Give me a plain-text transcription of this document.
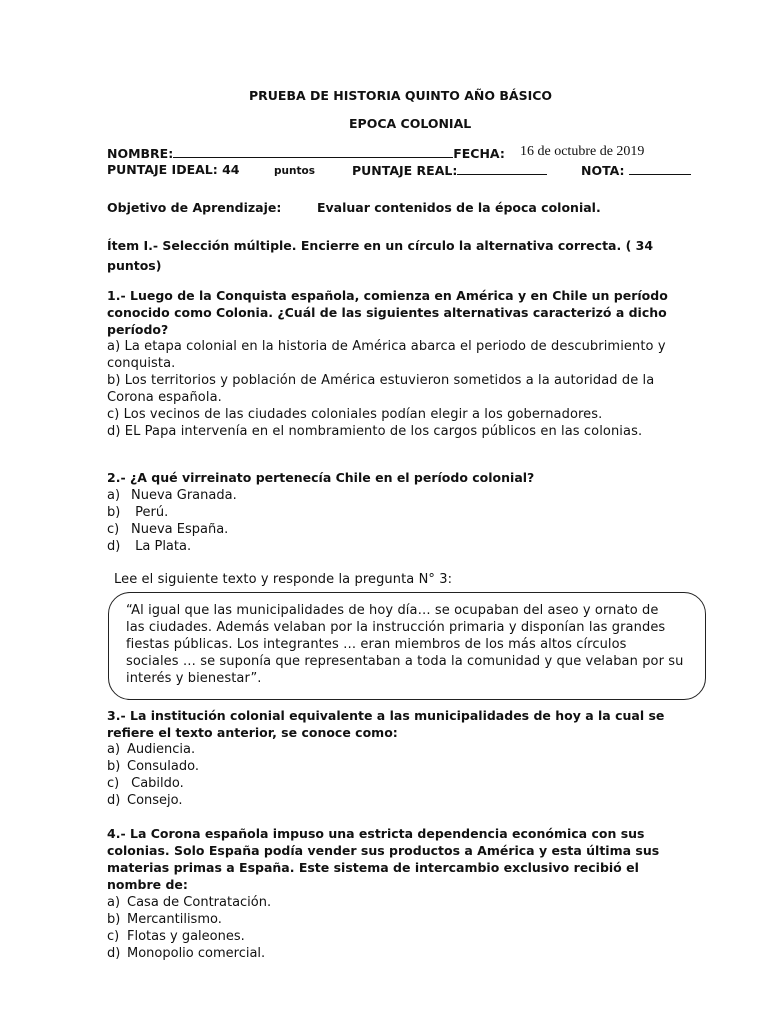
PRUEBA DE HISTORIA QUINTO AÑO BÁSICO
EPOCA COLONIAL
NOMBRE:	FECHA: 16 de octubre de 2019
PUNTAJE IDEAL: 44	puntos	PUNTAJE REAL:	NOTA:
Objetivo de Aprendizaje:	Evaluar contenidos de la época colonial.
Ítem I.- Selección múltiple. Encierre en un círculo la alternativa correcta. ( 34
puntos)
1.- Luego de la Conquista española, comienza en América y en Chile un período
conocido como Colonia. ¿Cuál de las siguientes alternativas caracterizó a dicho
período?
a) La etapa colonial en la historia de América abarca el periodo de descubrimiento y
conquista.
b) Los territorios y población de América estuvieron sometidos a la autoridad de la
Corona española.
c) Los vecinos de las ciudades coloniales podían elegir a los gobernadores.
d) EL Papa intervenía en el nombramiento de los cargos públicos en las colonias.
2.- ¿A qué virreinato pertenecía Chile en el período colonial?
a) Nueva Granada.
b) Perú.
c) Nueva España.
d) La Plata.
Lee el siguiente texto y responde la pregunta N° 3:
“Al igual que las municipalidades de hoy día… se ocupaban del aseo y ornato de
las ciudades. Además velaban por la instrucción primaria y disponían las grandes
fiestas públicas. Los integrantes … eran miembros de los más altos círculos
sociales … se suponía que representaban a toda la comunidad y que velaban por su
interés y bienestar”.
3.- La institución colonial equivalente a las municipalidades de hoy a la cual se
refiere el texto anterior, se conoce como:
a) Audiencia.
b) Consulado.
c) Cabildo.
d) Consejo.
4.- La Corona española impuso una estricta dependencia económica con sus
colonias. Solo España podía vender sus productos a América y esta última sus
materias primas a España. Este sistema de intercambio exclusivo recibió el
nombre de:
a) Casa de Contratación.
b) Mercantilismo.
c) Flotas y galeones.
d) Monopolio comercial.
